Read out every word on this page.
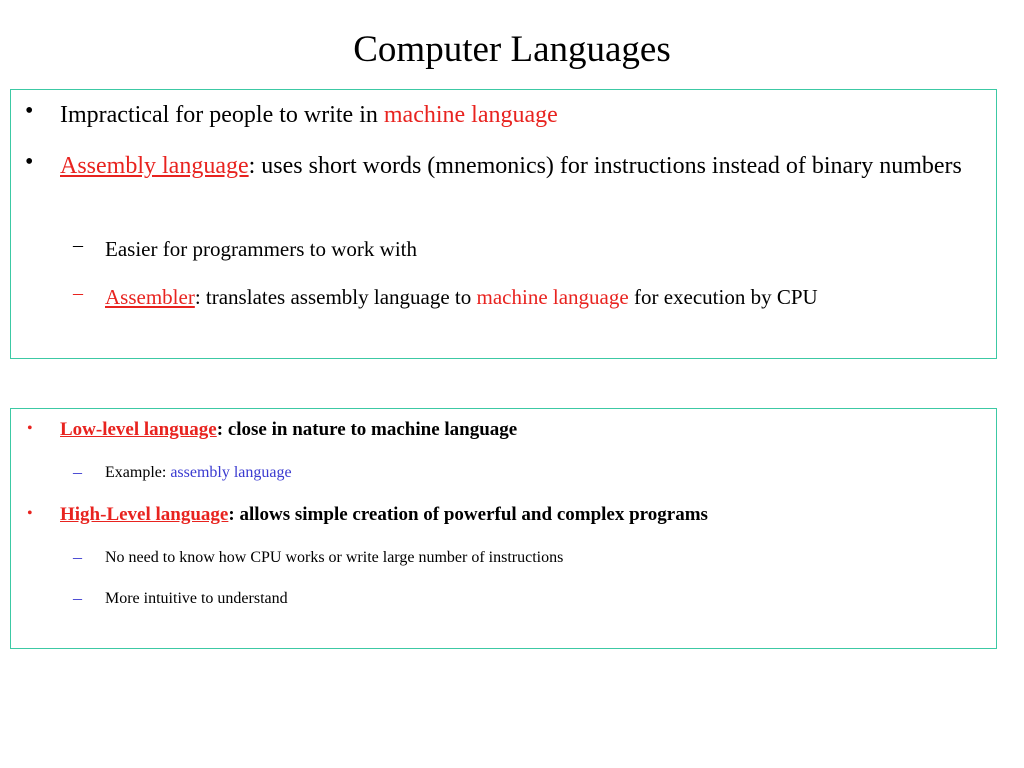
Computer Languages
• Impractical for people to write in machine language
• Assembly language: uses short words (mnemonics) for instructions instead of binary numbers
– Easier for programmers to work with
– Assembler: translates assembly language to machine language for execution by CPU
• Low-level language: close in nature to machine language
– Example: assembly language
• High-Level language: allows simple creation of powerful and complex programs
– No need to know how CPU works or write large number of instructions
– More intuitive to understand
